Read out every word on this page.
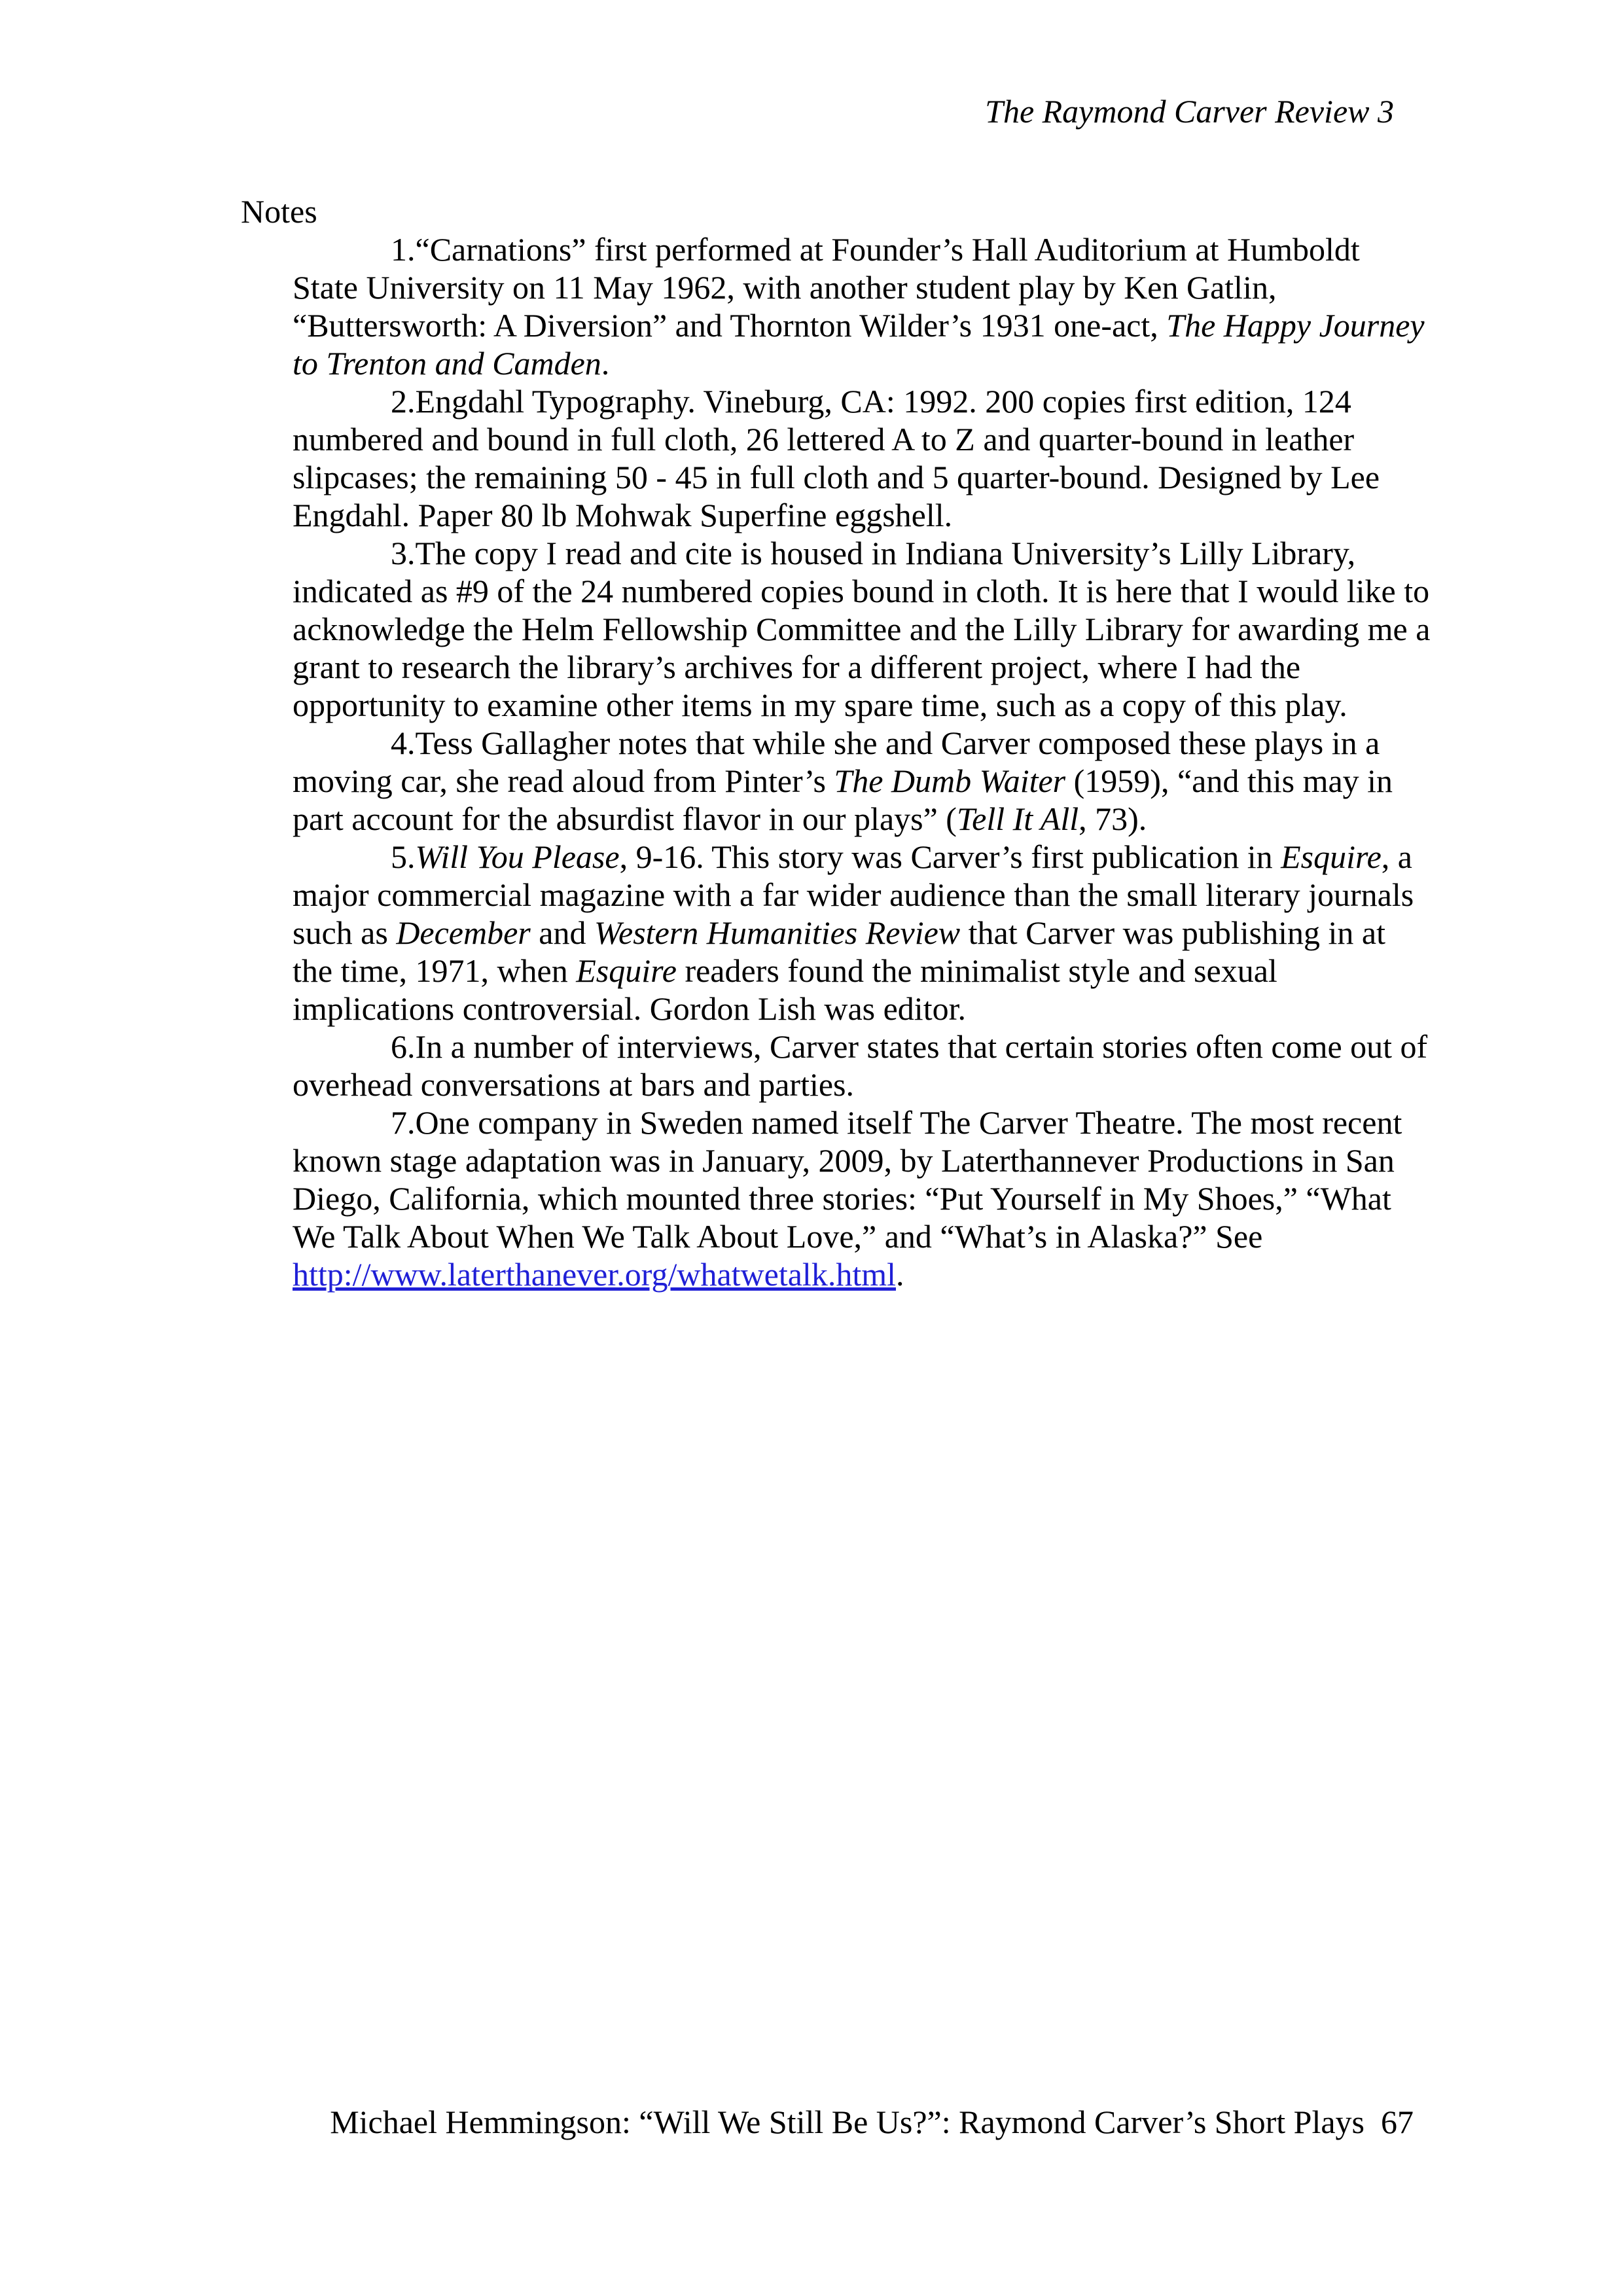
The Raymond Carver Review 3
Notes

1.“Carnations” first performed at Founder’s Hall Auditorium at Humboldt State University on 11 May 1962, with another student play by Ken Gatlin, “Buttersworth: A Diversion” and Thornton Wilder’s 1931 one-act, The Happy Journey to Trenton and Camden.

2.Engdahl Typography. Vineburg, CA: 1992. 200 copies first edition, 124 numbered and bound in full cloth, 26 lettered A to Z and quarter-bound in leather slipcases; the remaining 50 - 45 in full cloth and 5 quarter-bound. Designed by Lee Engdahl. Paper 80 lb Mohwak Superfine eggshell.

3.The copy I read and cite is housed in Indiana University’s Lilly Library, indicated as #9 of the 24 numbered copies bound in cloth. It is here that I would like to acknowledge the Helm Fellowship Committee and the Lilly Library for awarding me a grant to research the library’s archives for a different project, where I had the opportunity to examine other items in my spare time, such as a copy of this play.

4.Tess Gallagher notes that while she and Carver composed these plays in a moving car, she read aloud from Pinter’s The Dumb Waiter (1959), “and this may in part account for the absurdist flavor in our plays” (Tell It All, 73).

5.Will You Please, 9-16. This story was Carver’s first publication in Esquire, a major commercial magazine with a far wider audience than the small literary journals such as December and Western Humanities Review that Carver was publishing in at the time, 1971, when Esquire readers found the minimalist style and sexual implications controversial. Gordon Lish was editor.

6.In a number of interviews, Carver states that certain stories often come out of overhead conversations at bars and parties.

7.One company in Sweden named itself The Carver Theatre. The most recent known stage adaptation was in January, 2009, by Laterthannever Productions in San Diego, California, which mounted three stories: “Put Yourself in My Shoes,” “What We Talk About When We Talk About Love,” and “What’s in Alaska?” See http://www.laterthanever.org/whatwetalk.html.

Michael Hemmingson: “Will We Still Be Us?”: Raymond Carver’s Short Plays 67
